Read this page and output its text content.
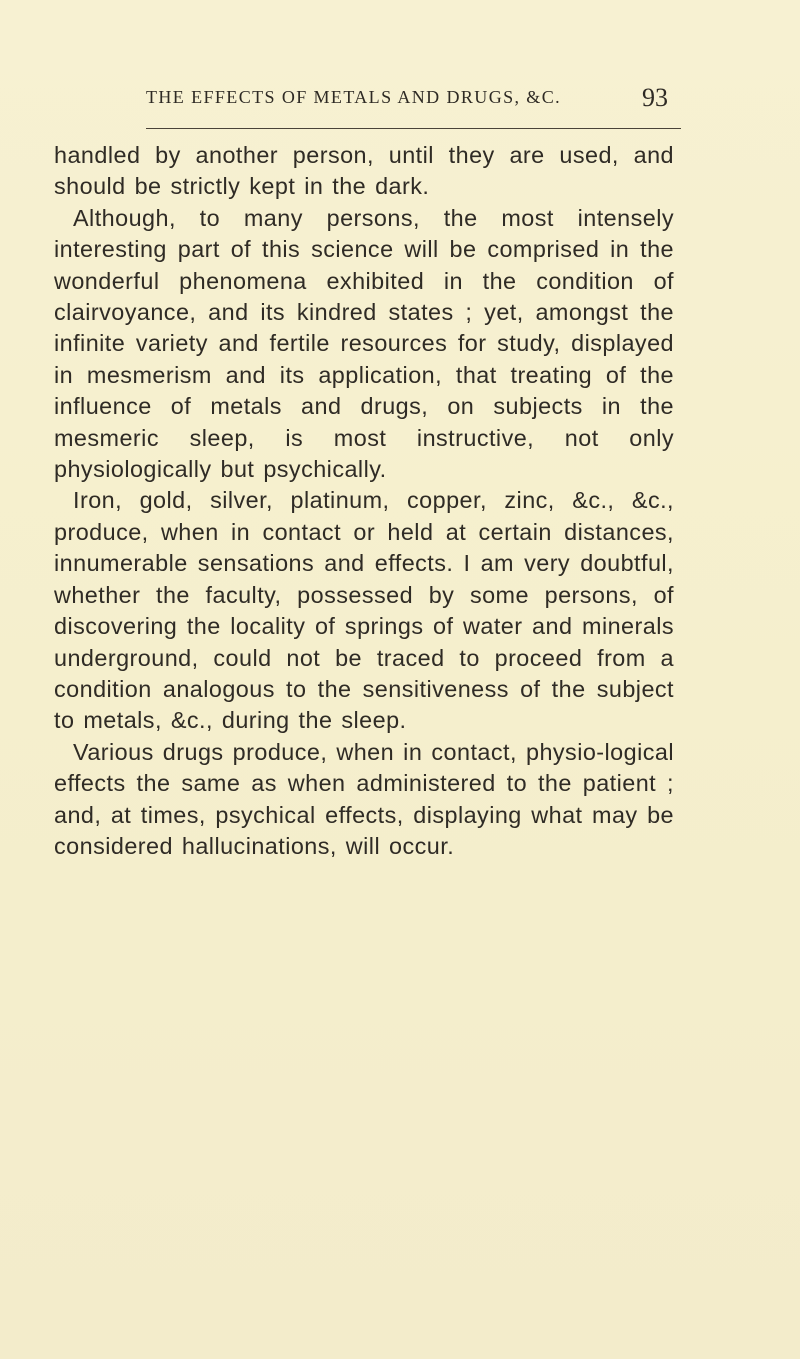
THE EFFECTS OF METALS AND DRUGS, &C.	93

handled by another person, until they are used, and should be strictly kept in the dark.

Although, to many persons, the most intensely interesting part of this science will be comprised in the wonderful phenomena exhibited in the condition of clairvoyance, and its kindred states ; yet, amongst the infinite variety and fertile resources for study, displayed in mesmerism and its application, that treating of the influence of metals and drugs, on subjects in the mesmeric sleep, is most instructive, not only physiologically but psychically.

Iron, gold, silver, platinum, copper, zinc, &c., &c., produce, when in contact or held at certain distances, innumerable sensations and effects. I am very doubtful, whether the faculty, possessed by some persons, of discovering the locality of springs of water and minerals underground, could not be traced to proceed from a condition analogous to the sensitiveness of the subject to metals, &c., during the sleep.

Various drugs produce, when in contact, physio-logical effects the same as when administered to the patient ; and, at times, psychical effects, displaying what may be considered hallucinations, will occur.
